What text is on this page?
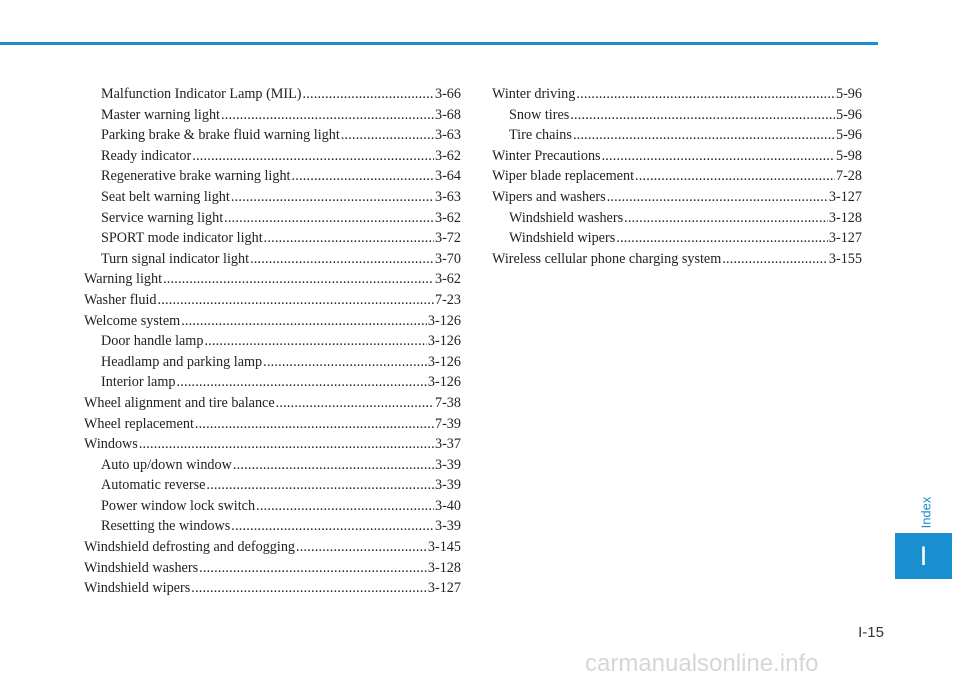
Malfunction Indicator Lamp (MIL) .....	3-66
Master warning light .....	3-68
Parking brake & brake fluid warning light .....	3-63
Ready indicator .....	3-62
Regenerative brake warning light .....	3-64
Seat belt warning light .....	3-63
Service warning light .....	3-62
SPORT mode indicator light .....	3-72
Turn signal indicator light .....	3-70
Warning light .....	3-62
Washer fluid .....	7-23
Welcome system .....	3-126
Door handle lamp .....	3-126
Headlamp and parking lamp .....	3-126
Interior lamp .....	3-126
Wheel alignment and tire balance .....	7-38
Wheel replacement .....	7-39
Windows .....	3-37
Auto up/down window .....	3-39
Automatic reverse .....	3-39
Power window lock switch .....	3-40
Resetting the windows .....	3-39
Windshield defrosting and defogging .....	3-145
Windshield washers .....	3-128
Windshield wipers .....	3-127
Winter driving .....	5-96
Snow tires .....	5-96
Tire chains .....	5-96
Winter Precautions .....	5-98
Wiper blade replacement .....	7-28
Wipers and washers .....	3-127
Windshield washers .....	3-128
Windshield wipers .....	3-127
Wireless cellular phone charging system .....	3-155
Index
I
I-15
carmanualsonline.info
